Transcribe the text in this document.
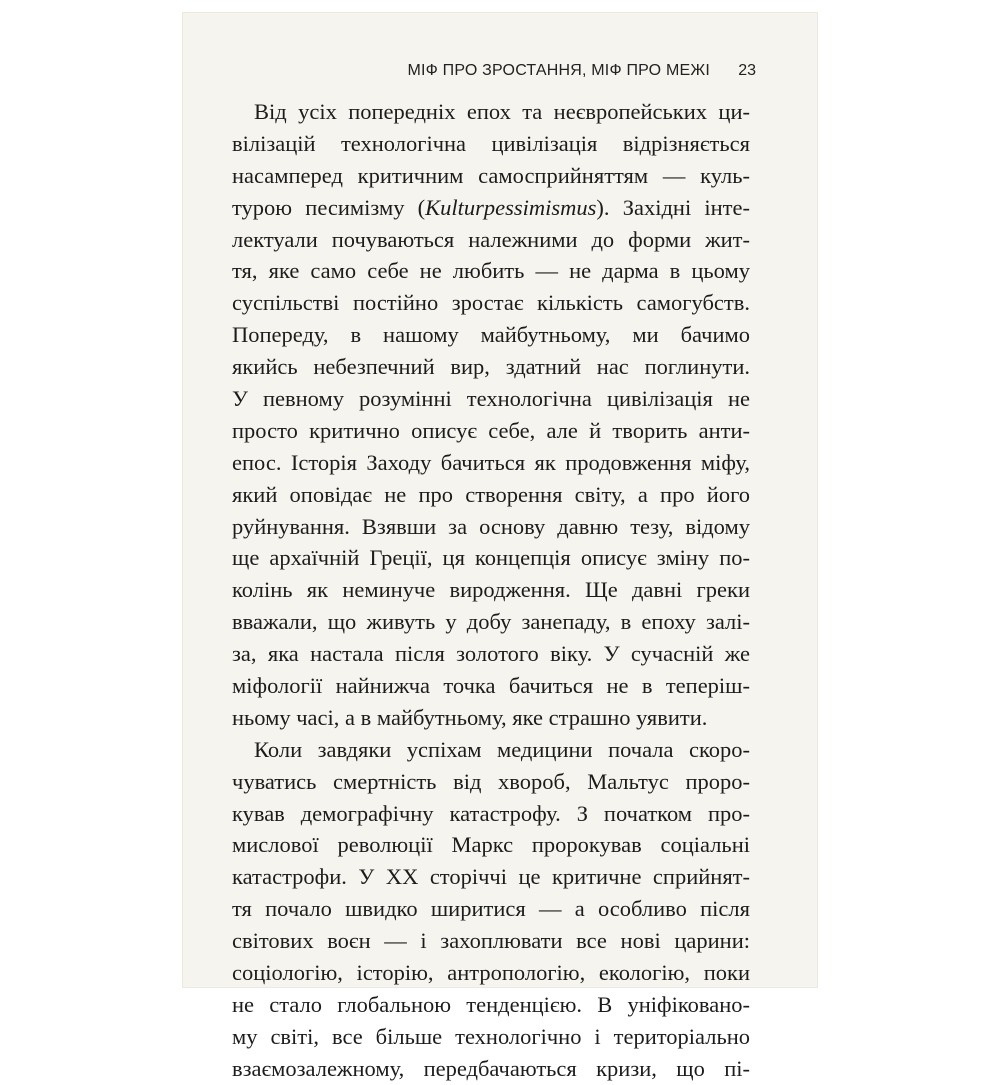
МІФ ПРО ЗРОСТАННЯ, МІФ ПРО МЕЖІ 23
Від усіх попередніх епох та неєвропейських ци-
вілізацій технологічна цивілізація відрізняється
насамперед критичним самосприйняттям — куль-
турою песимізму (Kulturpessimismus). Західні інте-
лектуали почуваються належними до форми жит-
тя, яке само себе не любить — не дарма в цьому
суспільстві постійно зростає кількість самогубств.
Попереду, в нашому майбутньому, ми бачимо
якийсь небезпечний вир, здатний нас поглинути.
У певному розумінні технологічна цивілізація не
просто критично описує себе, але й творить анти-
епос. Історія Заходу бачиться як продовження міфу,
який оповідає не про створення світу, а про його
руйнування. Взявши за основу давню тезу, відому
ще архаїчній Греції, ця концепція описує зміну по-
колінь як неминуче виродження. Ще давні греки
вважали, що живуть у добу занепаду, в епоху залі-
за, яка настала після золотого віку. У сучасній же
міфології найнижча точка бачиться не в теперіш-
ньому часі, а в майбутньому, яке страшно уявити.
Коли завдяки успіхам медицини почала скоро-
чуватись смертність від хвороб, Мальтус проро-
кував демографічну катастрофу. З початком про-
мислової революції Маркс пророкував соціальні
катастрофи. У XX сторіччі це критичне сприйнят-
тя почало швидко ширитися — а особливо після
світових воєн — і захоплювати все нові царини:
соціологію, історію, антропологію, екологію, поки
не стало глобальною тенденцією. В уніфіковано-
му світі, все більше технологічно і територіально
взаємозалежному, передбачаються кризи, що пі-
